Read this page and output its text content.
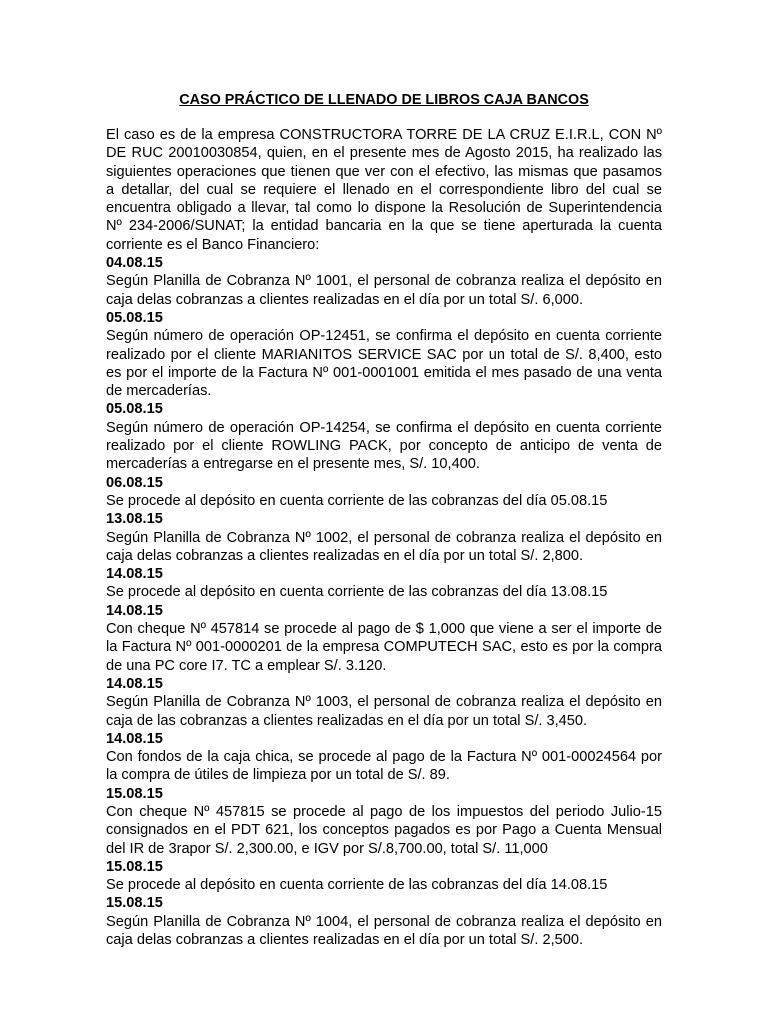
CASO PRÁCTICO DE LLENADO DE LIBROS CAJA BANCOS

El caso es de la empresa CONSTRUCTORA TORRE DE LA CRUZ E.I.R.L, CON Nº DE RUC 20010030854, quien, en el presente mes de Agosto 2015, ha realizado las siguientes operaciones que tienen que ver con el efectivo, las mismas que pasamos a detallar, del cual se requiere el llenado en el correspondiente libro del cual se encuentra obligado a llevar, tal como lo dispone la Resolución de Superintendencia Nº 234-2006/SUNAT; la entidad bancaria en la que se tiene aperturada la cuenta corriente es el Banco Financiero:

04.08.15

Según Planilla de Cobranza Nº 1001, el personal de cobranza realiza el depósito en caja delas cobranzas a clientes realizadas en el día por un total S/. 6,000.

05.08.15

Según número de operación OP-12451, se confirma el depósito en cuenta corriente realizado por el cliente MARIANITOS SERVICE SAC por un total de S/. 8,400, esto es por el importe de la Factura Nº 001-0001001 emitida el mes pasado de una venta de mercaderías.

05.08.15

Según número de operación OP-14254, se confirma el depósito en cuenta corriente realizado por el cliente ROWLING PACK, por concepto de anticipo de venta de mercaderías a entregarse en el presente mes, S/. 10,400.

06.08.15

Se procede al depósito en cuenta corriente de las cobranzas del día 05.08.15

13.08.15

Según Planilla de Cobranza Nº 1002, el personal de cobranza realiza el depósito en caja delas cobranzas a clientes realizadas en el día por un total S/. 2,800.

14.08.15

Se procede al depósito en cuenta corriente de las cobranzas del día 13.08.15

14.08.15

Con cheque Nº 457814 se procede al pago de $ 1,000 que viene a ser el importe de la Factura Nº 001-0000201 de la empresa COMPUTECH SAC, esto es por la compra de una PC core I7. TC a emplear S/. 3.120.

14.08.15

Según Planilla de Cobranza Nº 1003, el personal de cobranza realiza el depósito en caja de las cobranzas a clientes realizadas en el día por un total S/. 3,450.

14.08.15

Con fondos de la caja chica, se procede al pago de la Factura Nº 001-00024564 por la compra de útiles de limpieza por un total de S/. 89.

15.08.15

Con cheque Nº 457815 se procede al pago de los impuestos del periodo Julio-15 consignados en el PDT 621, los conceptos pagados es por Pago a Cuenta Mensual del IR de 3rapor S/. 2,300.00, e IGV por S/.8,700.00, total S/. 11,000

15.08.15

Se procede al depósito en cuenta corriente de las cobranzas del día 14.08.15

15.08.15

Según Planilla de Cobranza Nº 1004, el personal de cobranza realiza el depósito en caja delas cobranzas a clientes realizadas en el día por un total S/. 2,500.
